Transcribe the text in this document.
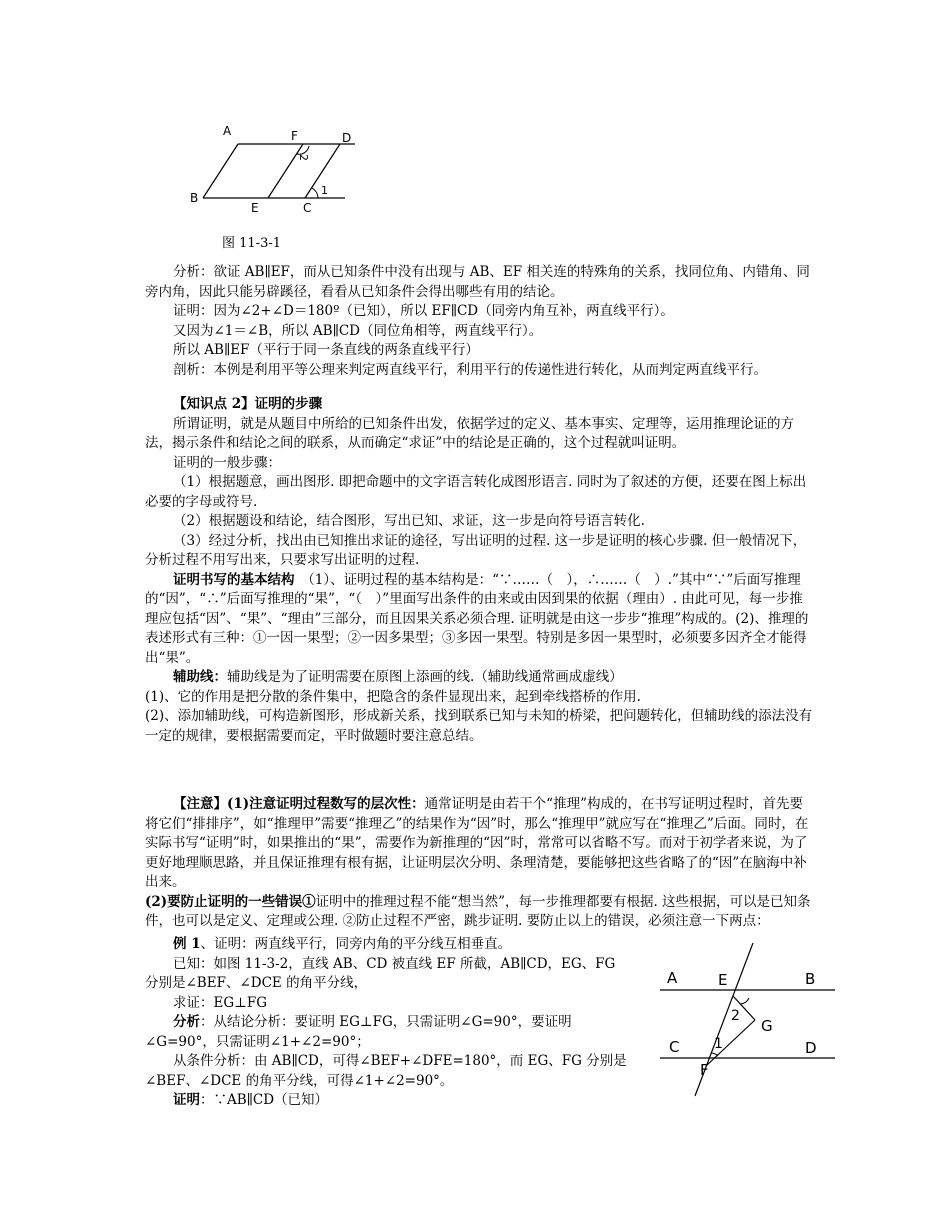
A	F	D
B
E	C
1
2
图 11-3-1

分析：欲证 AB∥EF，而从已知条件中没有出现与 AB、EF 相关连的特殊角的关系，找同位角、内错角、同旁内角，因此只能另辟蹊径，看看从已知条件会得出哪些有用的结论。

证明：因为∠2+∠D＝180º（已知），所以 EF∥CD（同旁内角互补，两直线平行）。

又因为∠1＝∠B，所以 AB∥CD（同位角相等，两直线平行）。

所以 AB∥EF（平行于同一条直线的两条直线平行）

剖析：本例是利用平等公理来判定两直线平行，利用平行的传递性进行转化，从而判定两直线平行。

【知识点 2】证明的步骤

所谓证明，就是从题目中所给的已知条件出发，依据学过的定义、基本事实、定理等，运用推理论证的方法，揭示条件和结论之间的联系，从而确定“求证”中的结论是正确的，这个过程就叫证明。

证明的一般步骤：

（1）根据题意，画出图形. 即把命题中的文字语言转化成图形语言. 同时为了叙述的方便，还要在图上标出必要的字母或符号.

（2）根据题设和结论，结合图形，写出已知、求证，这一步是向符号语言转化.

（3）经过分析，找出由已知推出求证的途径，写出证明的过程. 这一步是证明的核心步骤. 但一般情况下，分析过程不用写出来，只要求写出证明的过程.

证明书写的基本结构　 （1）、证明过程的基本结构是：“∵……（　），∴……（　）.”其中“∵”后面写推理的“因”，“∴”后面写推理的“果”，“（　）”里面写出条件的由来或由因到果的依据（理由）. 由此可见，每一步推理应包括“因”、“果”、“理由”三部分，而且因果关系必须合理. 证明就是由这一步步“推理”构成的。(2)、推理的表述形式有三种：①一因一果型；②一因多果型；③多因一果型。特别是多因一果型时，必须要多因齐全才能得出“果”。

辅助线：辅助线是为了证明需要在原图上添画的线.（辅助线通常画成虚线）

(1)、它的作用是把分散的条件集中，把隐含的条件显现出来，起到牵线搭桥的作用.

(2)、添加辅助线，可构造新图形，形成新关系，找到联系已知与未知的桥梁，把问题转化，但辅助线的添法没有一定的规律，要根据需要而定，平时做题时要注意总结。

【注意】(1)注意证明过程数写的层次性：通常证明是由若干个“推理”构成的，在书写证明过程时，首先要将它们“排排序”，如“推理甲”需要“推理乙”的结果作为“因”时，那么“推理甲”就应写在“推理乙”后面。同时，在实际书写“证明”时，如果推出的“果”，需要作为新推理的“因”时，常常可以省略不写。而对于初学者来说，为了更好地理顺思路，并且保证推理有根有据，让证明层次分明、条理清楚，要能够把这些省略了的“因”在脑海中补出来。

(2)要防止证明的一些错误①证明中的推理过程不能“想当然”，每一步推理都要有根据. 这些根据，可以是已知条件，也可以是定义、定理或公理. ②防止过程不严密，跳步证明. 要防止以上的错误，必须注意一下两点：

例 1、证明：两直线平行，同旁内角的平分线互相垂直。

已知：如图 11-3-2，直线 AB、CD 被直线 EF 所截，AB∥CD，EG、FG 分别是∠BEF、∠DCE 的角平分线，

求证：EG⊥FG

分析：从结论分析：要证明 EG⊥FG，只需证明∠G=90°，要证明∠G=90°，只需证明∠1+∠2=90°；

从条件分析：由 AB∥CD，可得∠BEF+∠DFE=180°，而 EG、FG 分别是∠BEF、∠DCE 的角平分线，可得∠1+∠2=90°。

证明：∵AB∥CD（已知）

A	E	B
G
C	D
F
1
2
